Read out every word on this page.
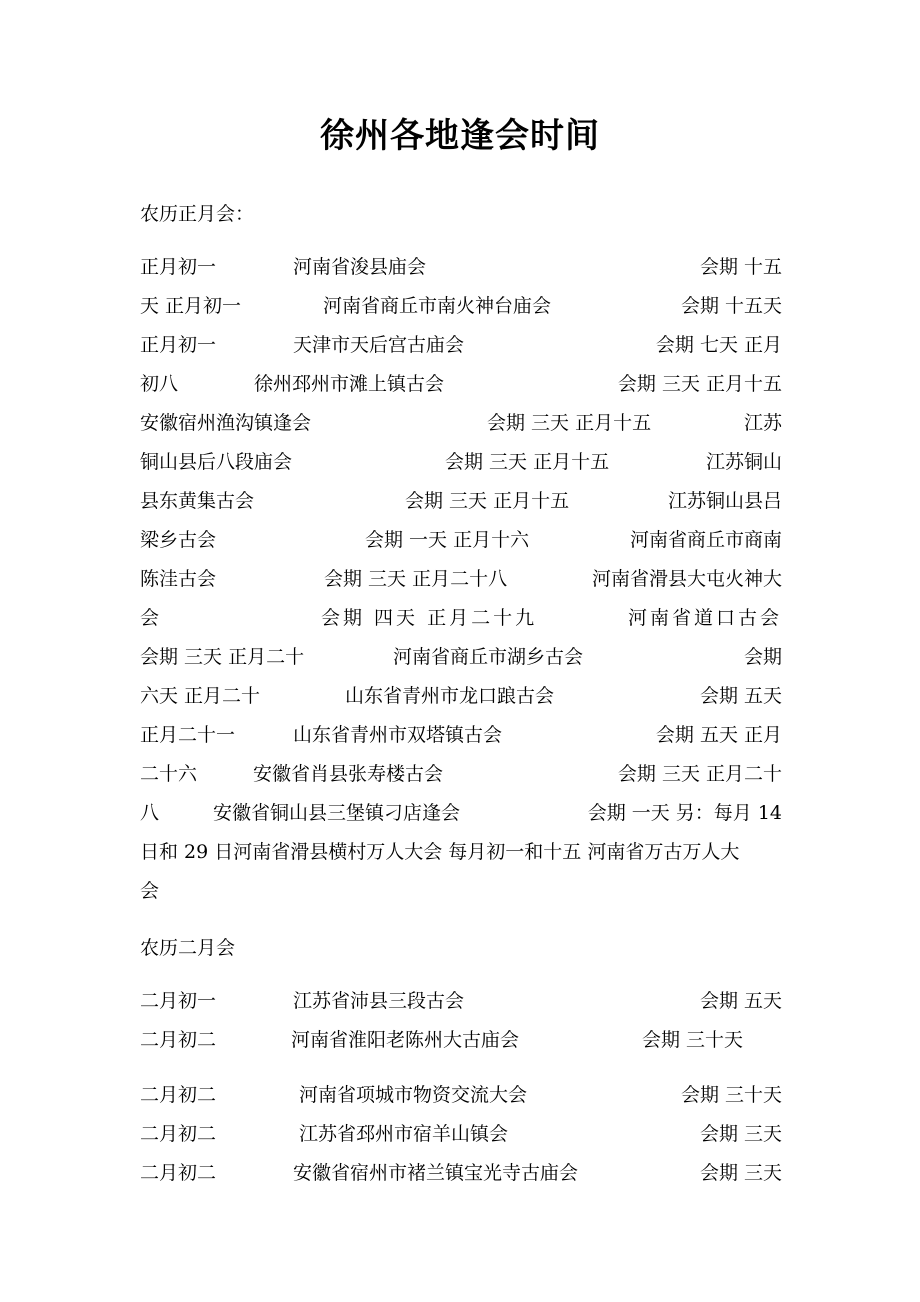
徐州各地逢会时间

农历正月会：

正月初一	河南省浚县庙会	会期 十五
天 正月初一	河南省商丘市南火神台庙会	会期 十五天
正月初一	天津市天后宫古庙会	会期 七天 正月
初八	徐州邳州市滩上镇古会	会期 三天 正月十五
安徽宿州渔沟镇逢会	会期 三天 正月十五	江苏
铜山县后八段庙会	会期 三天 正月十五	江苏铜山
县东黄集古会	会期 三天 正月十五	江苏铜山县吕
梁乡古会	会期 一天 正月十六	河南省商丘市商南
陈洼古会	会期 三天 正月二十八	河南省滑县大屯火神大
会	会期 四天 正月二十九	河南省道口古会
会期 三天 正月二十	河南省商丘市湖乡古会	会期
六天 正月二十	山东省青州市龙口踉古会	会期 五天
正月二十一	山东省青州市双塔镇古会	会期 五天 正月
二十六	安徽省肖县张寿楼古会	会期 三天 正月二十
八	安徽省铜山县三堡镇刁店逢会	会期 一天 另：每月 14
日和 29 日河南省滑县横村万人大会 每月初一和十五 河南省万古万人大
会

农历二月会

二月初一	江苏省沛县三段古会	会期 五天
二月初二	河南省淮阳老陈州大古庙会	会期 三十天
二月初二	河南省项城市物资交流大会	会期 三十天
二月初二	江苏省邳州市宿羊山镇会	会期 三天
二月初二	安徽省宿州市褚兰镇宝光寺古庙会	会期 三天
